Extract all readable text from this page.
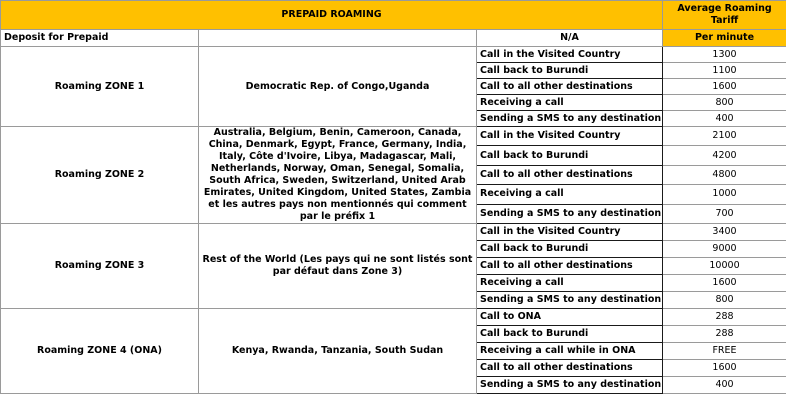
PREPAID ROAMING			Average Roaming Tariff
Deposit for Prepaid		N/A	Per minute
Roaming ZONE 1	Democratic Rep. of Congo,Uganda	Call in the Visited Country	1300
		Call back to Burundi	1100
		Call to all other destinations	1600
		Receiving a call	800
		Sending a SMS to any destination	400
Roaming ZONE 2	Australia, Belgium, Benin, Cameroon, Canada, China, Denmark, Egypt, France, Germany, India, Italy, Côte d'Ivoire, Libya, Madagascar, Mali, Netherlands, Norway, Oman, Senegal, Somalia, South Africa, Sweden, Switzerland, United Arab Emirates, United Kingdom, United States, Zambia et les autres pays non mentionnés qui comment par le préfix 1	Call in the Visited Country	2100
		Call back to Burundi	4200
		Call to all other destinations	4800
		Receiving a call	1000
		Sending a SMS to any destination	700
Roaming ZONE 3	Rest of the World (Les pays qui ne sont listés sont par défaut dans Zone 3)	Call in the Visited Country	3400
		Call back to Burundi	9000
		Call to all other destinations	10000
		Receiving a call	1600
		Sending a SMS to any destination	800
Roaming ZONE 4 (ONA)	Kenya, Rwanda, Tanzania, South Sudan	Call to ONA	288
		Call back to Burundi	288
		Receiving a call while in ONA	FREE
		Call to all other destinations	1600
		Sending a SMS to any destination	400
